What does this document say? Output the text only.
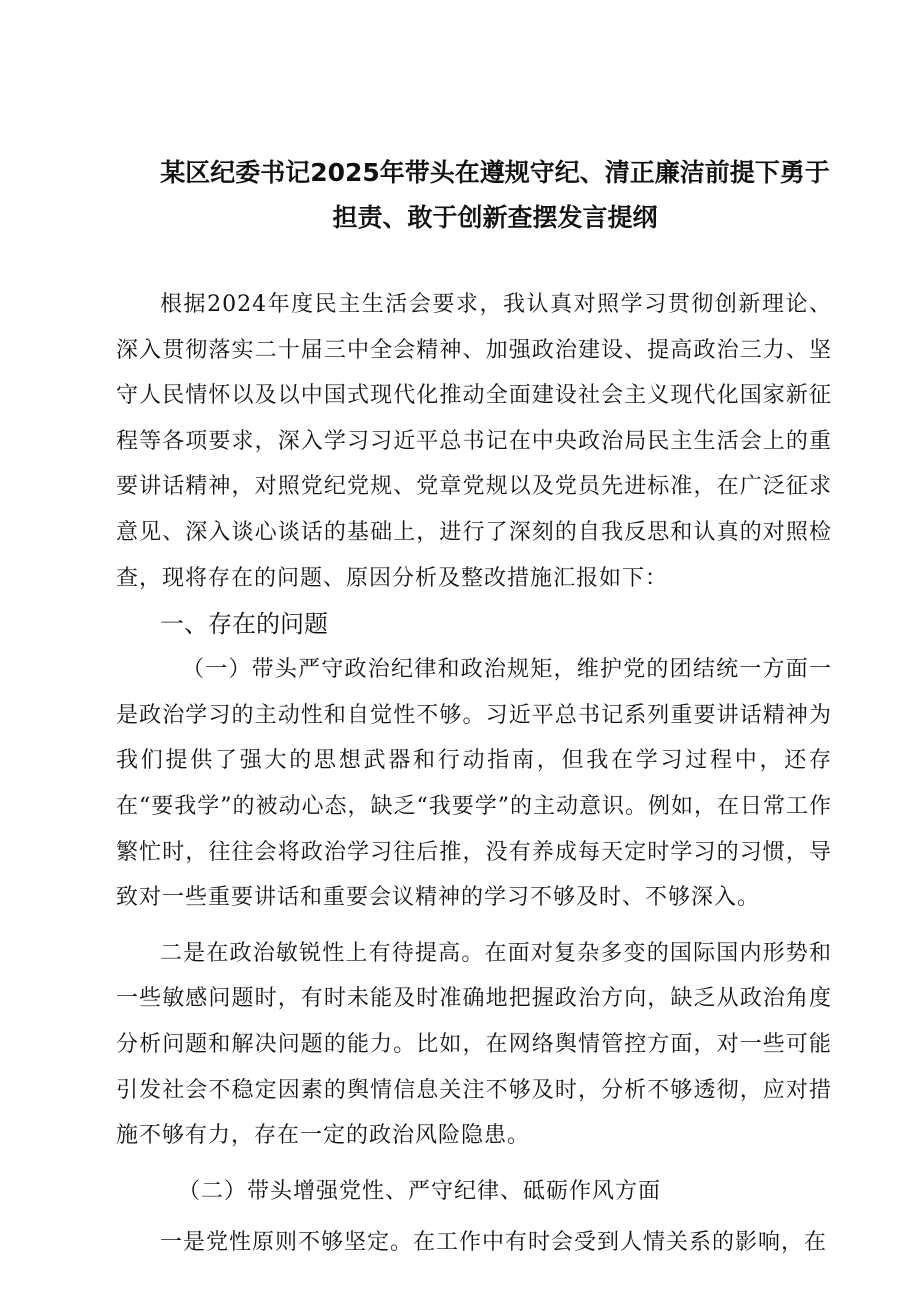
某区纪委书记2025年带头在遵规守纪、清正廉洁前提下勇于担责、敢于创新查摆发言提纲

根据2024年度民主生活会要求，我认真对照学习贯彻创新理论、深入贯彻落实二十届三中全会精神、加强政治建设、提高政治三力、坚守人民情怀以及以中国式现代化推动全面建设社会主义现代化国家新征程等各项要求，深入学习习近平总书记在中央政治局民主生活会上的重要讲话精神，对照党纪党规、党章党规以及党员先进标准，在广泛征求意见、深入谈心谈话的基础上，进行了深刻的自我反思和认真的对照检查，现将存在的问题、原因分析及整改措施汇报如下：

一、存在的问题

（一）带头严守政治纪律和政治规矩，维护党的团结统一方面一是政治学习的主动性和自觉性不够。习近平总书记系列重要讲话精神为我们提供了强大的思想武器和行动指南，但我在学习过程中，还存在“要我学”的被动心态，缺乏“我要学”的主动意识。例如，在日常工作繁忙时，往往会将政治学习往后推，没有养成每天定时学习的习惯，导致对一些重要讲话和重要会议精神的学习不够及时、不够深入。

二是在政治敏锐性上有待提高。在面对复杂多变的国际国内形势和一些敏感问题时，有时未能及时准确地把握政治方向，缺乏从政治角度分析问题和解决问题的能力。比如，在网络舆情管控方面，对一些可能引发社会不稳定因素的舆情信息关注不够及时，分析不够透彻，应对措施不够有力，存在一定的政治风险隐患。

（二）带头增强党性、严守纪律、砥砺作风方面

一是党性原则不够坚定。在工作中有时会受到人情关系的影响，在
